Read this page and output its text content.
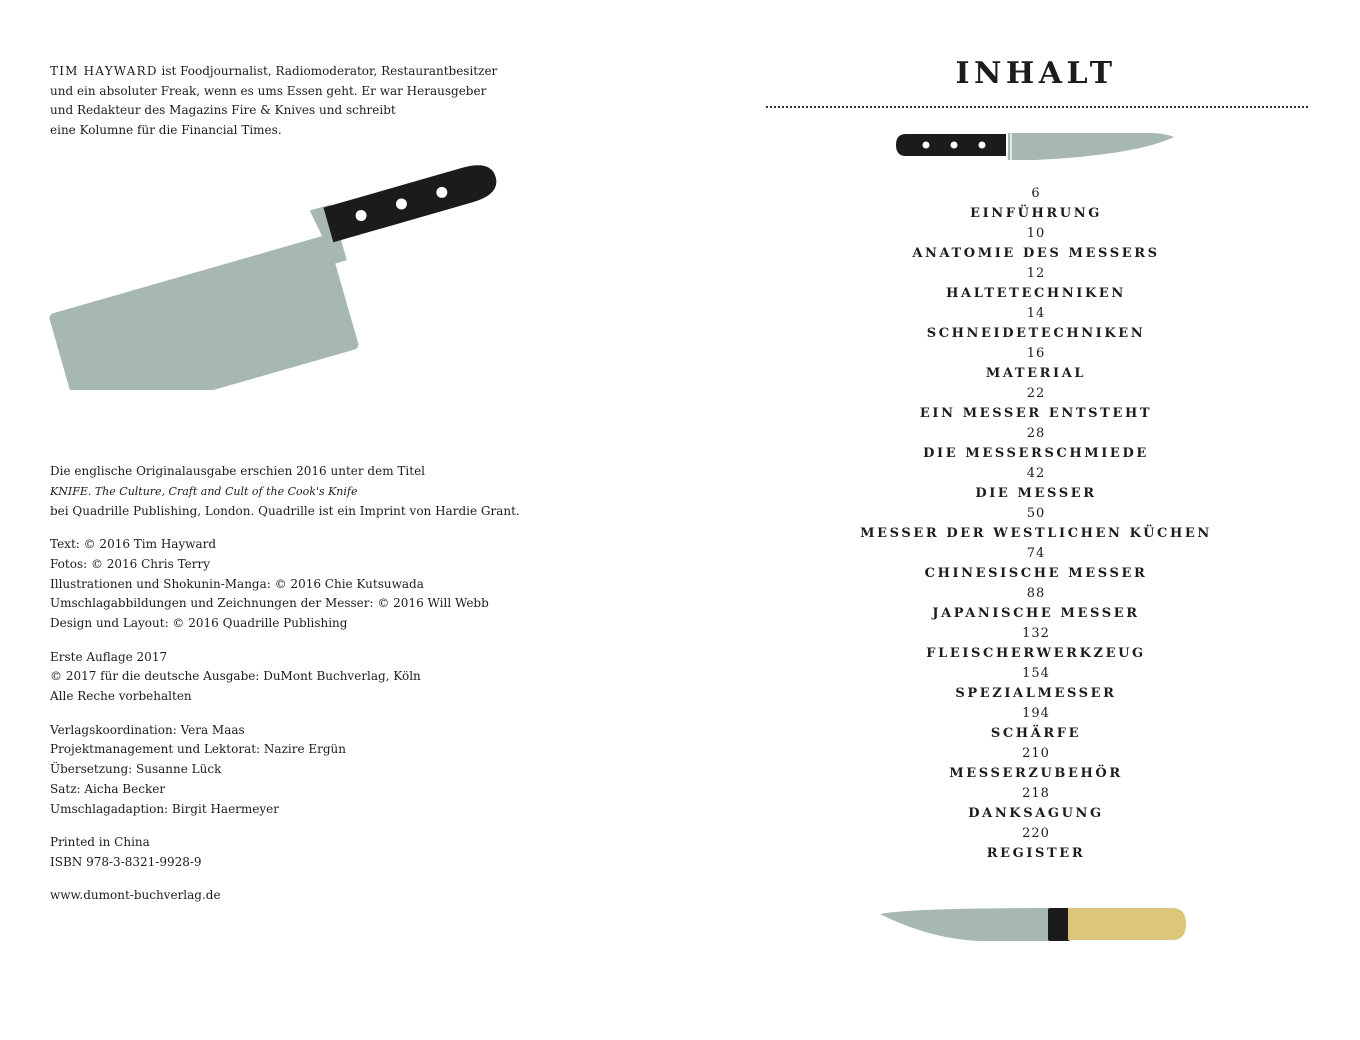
TIM HAYWARD ist Foodjournalist, Radiomoderator, Restaurantbesitzer
und ein absoluter Freak, wenn es ums Essen geht. Er war Herausgeber
und Redakteur des Magazins Fire & Knives und schreibt
eine Kolumne für die Financial Times.
Die englische Originalausgabe erschien 2016 unter dem Titel
KNIFE. The Culture, Craft and Cult of the Cook's Knife
bei Quadrille Publishing, London. Quadrille ist ein Imprint von Hardie Grant.
Text: © 2016 Tim Hayward
Fotos: © 2016 Chris Terry
Illustrationen und Shokunin-Manga: © 2016 Chie Kutsuwada
Umschlagabbildungen und Zeichnungen der Messer: © 2016 Will Webb
Design und Layout: © 2016 Quadrille Publishing
Erste Auflage 2017
© 2017 für die deutsche Ausgabe: DuMont Buchverlag, Köln
Alle Reche vorbehalten
Verlagskoordination: Vera Maas
Projektmanagement und Lektorat: Nazire Ergün
Übersetzung: Susanne Lück
Satz: Aicha Becker
Umschlagadaption: Birgit Haermeyer
Printed in China
ISBN 978-3-8321-9928-9
www.dumont-buchverlag.de
INHALT
6
EINFÜHRUNG
10
ANATOMIE DES MESSERS
12
HALTETECHNIKEN
14
SCHNEIDETECHNIKEN
16
MATERIAL
22
EIN MESSER ENTSTEHT
28
DIE MESSERSCHMIEDE
42
DIE MESSER
50
MESSER DER WESTLICHEN KÜCHEN
74
CHINESISCHE MESSER
88
JAPANISCHE MESSER
132
FLEISCHERWERKZEUG
154
SPEZIALMESSER
194
SCHÄRFE
210
MESSERZUBEHÖR
218
DANKSAGUNG
220
REGISTER
